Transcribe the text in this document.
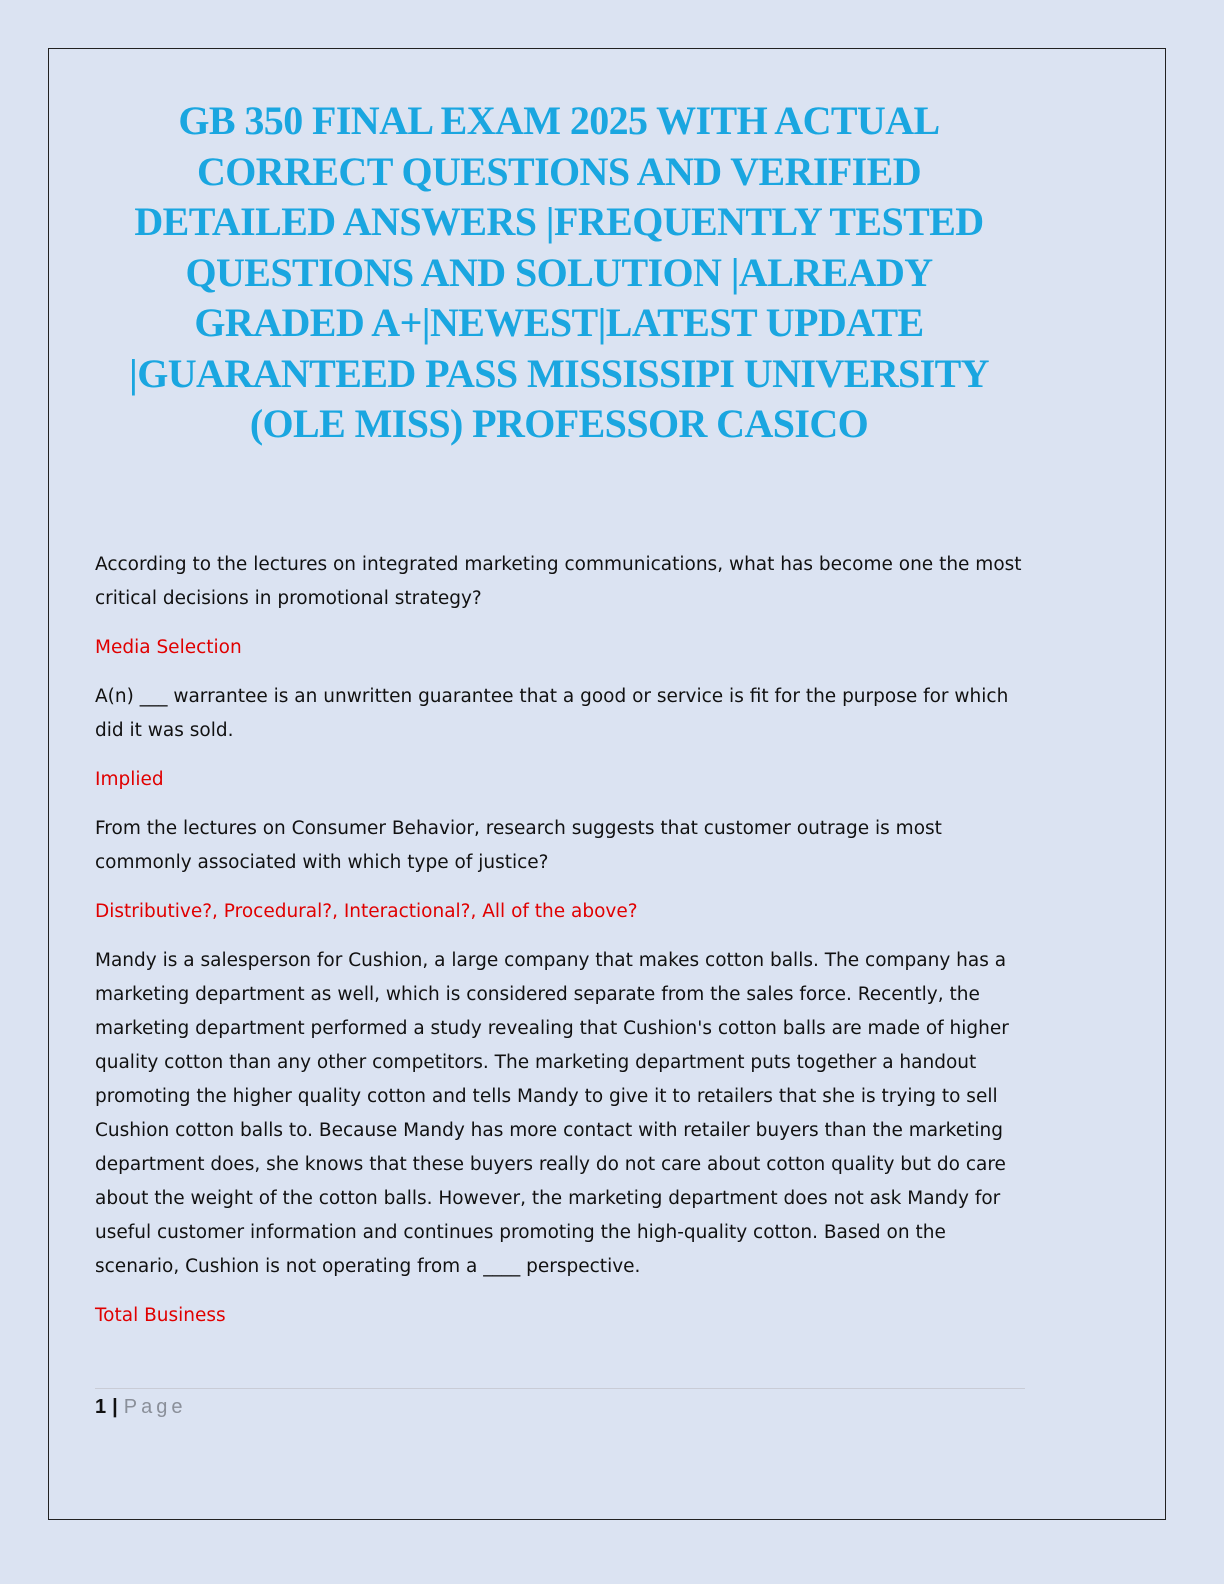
GB 350 FINAL EXAM 2025 WITH ACTUAL CORRECT QUESTIONS AND VERIFIED DETAILED ANSWERS |FREQUENTLY TESTED QUESTIONS AND SOLUTION |ALREADY GRADED A+|NEWEST|LATEST UPDATE |GUARANTEED PASS MISSISSIPI UNIVERSITY (OLE MISS) PROFESSOR CASICO

According to the lectures on integrated marketing communications, what has become one the most critical decisions in promotional strategy?

Media Selection

A(n) ___ warrantee is an unwritten guarantee that a good or service is fit for the purpose for which did it was sold.

Implied

From the lectures on Consumer Behavior, research suggests that customer outrage is most commonly associated with which type of justice?

Distributive?, Procedural?, Interactional?, All of the above?

Mandy is a salesperson for Cushion, a large company that makes cotton balls. The company has a marketing department as well, which is considered separate from the sales force. Recently, the marketing department performed a study revealing that Cushion's cotton balls are made of higher quality cotton than any other competitors. The marketing department puts together a handout promoting the higher quality cotton and tells Mandy to give it to retailers that she is trying to sell Cushion cotton balls to. Because Mandy has more contact with retailer buyers than the marketing department does, she knows that these buyers really do not care about cotton quality but do care about the weight of the cotton balls. However, the marketing department does not ask Mandy for useful customer information and continues promoting the high-quality cotton. Based on the scenario, Cushion is not operating from a ____ perspective.

Total Business

1 | Page
